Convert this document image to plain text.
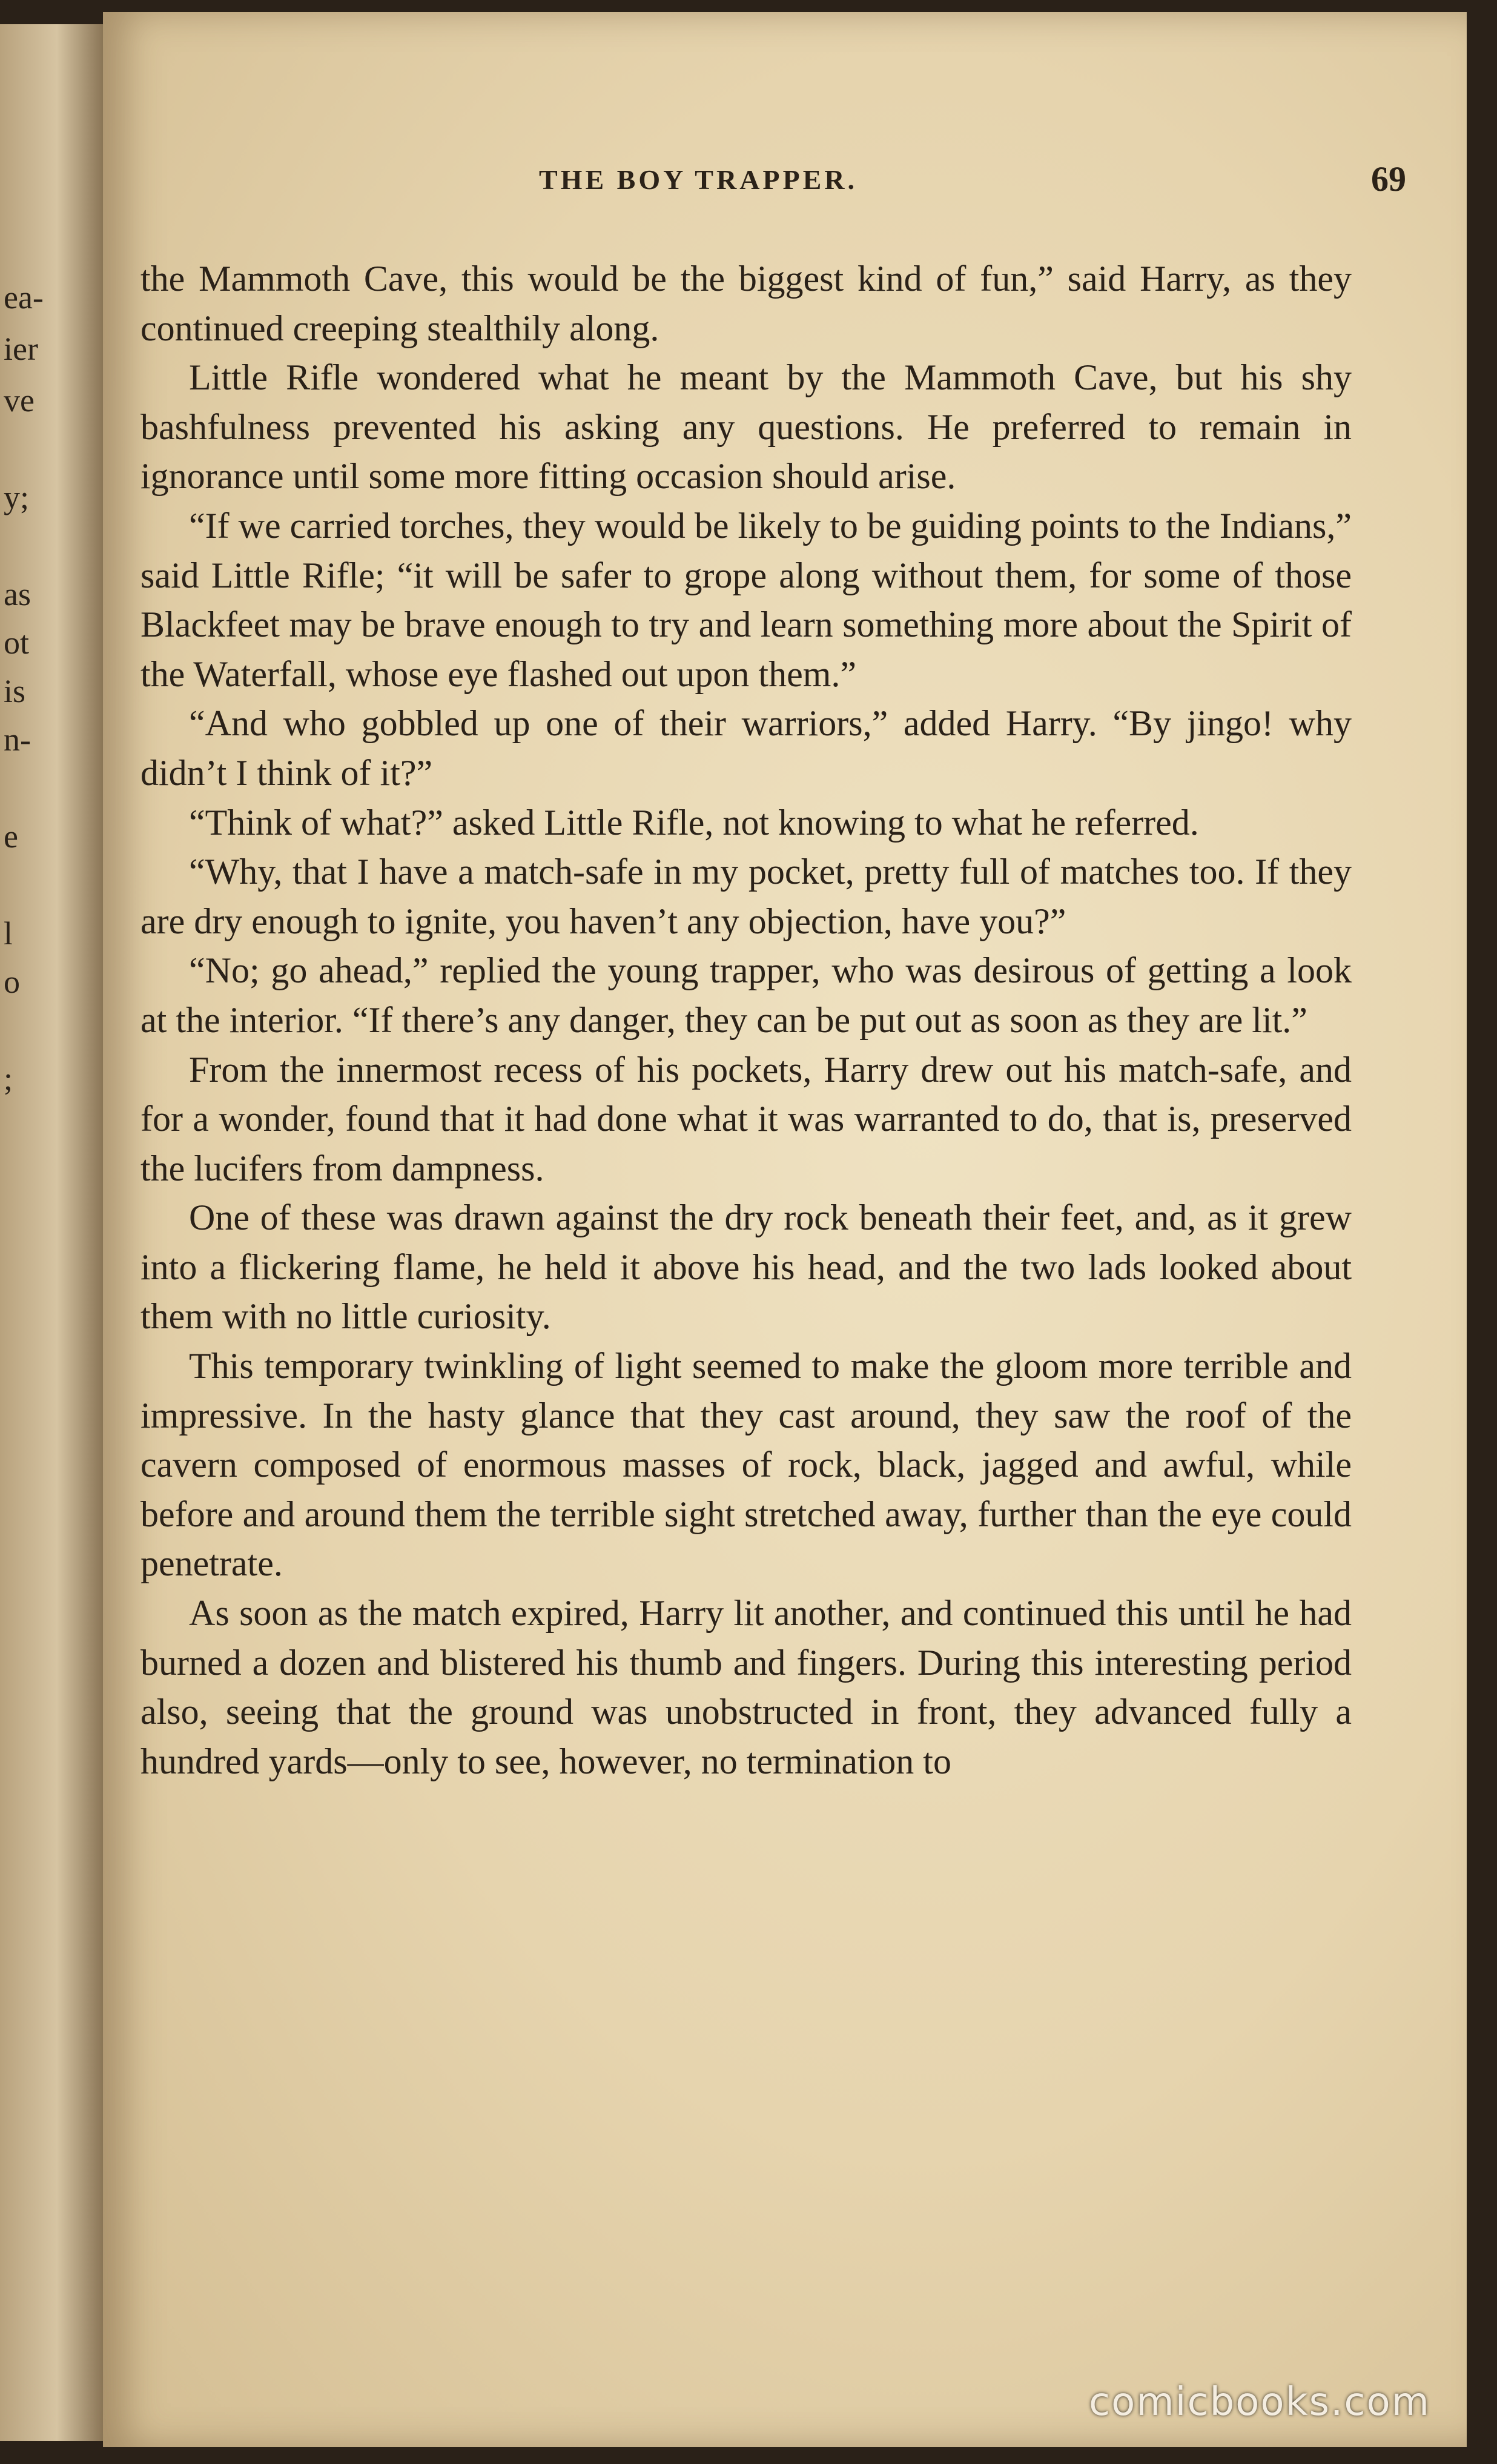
ea-
ier
ve
y;
as
ot
is
n-
e
l
o
;
THE BOY TRAPPER.	69

the Mammoth Cave, this would be the biggest kind of fun,” said Harry, as they continued creeping stealthily along.

Little Rifle wondered what he meant by the Mammoth Cave, but his shy bashfulness prevented his asking any questions. He preferred to remain in ignorance until some more fitting occasion should arise.

“If we carried torches, they would be likely to be guiding points to the Indians,” said Little Rifle; “it will be safer to grope along without them, for some of those Blackfeet may be brave enough to try and learn something more about the Spirit of the Waterfall, whose eye flashed out upon them.”

“And who gobbled up one of their warriors,” added Harry. “By jingo! why didn’t I think of it?”

“Think of what?” asked Little Rifle, not knowing to what he referred.

“Why, that I have a match-safe in my pocket, pretty full of matches too. If they are dry enough to ignite, you haven’t any objection, have you?”

“No; go ahead,” replied the young trapper, who was desirous of getting a look at the interior. “If there’s any danger, they can be put out as soon as they are lit.”

From the innermost recess of his pockets, Harry drew out his match-safe, and for a wonder, found that it had done what it was warranted to do, that is, preserved the lucifers from dampness.

One of these was drawn against the dry rock beneath their feet, and, as it grew into a flickering flame, he held it above his head, and the two lads looked about them with no little curiosity.

This temporary twinkling of light seemed to make the gloom more terrible and impressive. In the hasty glance that they cast around, they saw the roof of the cavern composed of enormous masses of rock, black, jagged and awful, while before and around them the terrible sight stretched away, further than the eye could penetrate.

As soon as the match expired, Harry lit another, and continued this until he had burned a dozen and blistered his thumb and fingers. During this interesting period also, seeing that the ground was unobstructed in front, they advanced fully a hundred yards—only to see, however, no termination to

comicbooks.com
